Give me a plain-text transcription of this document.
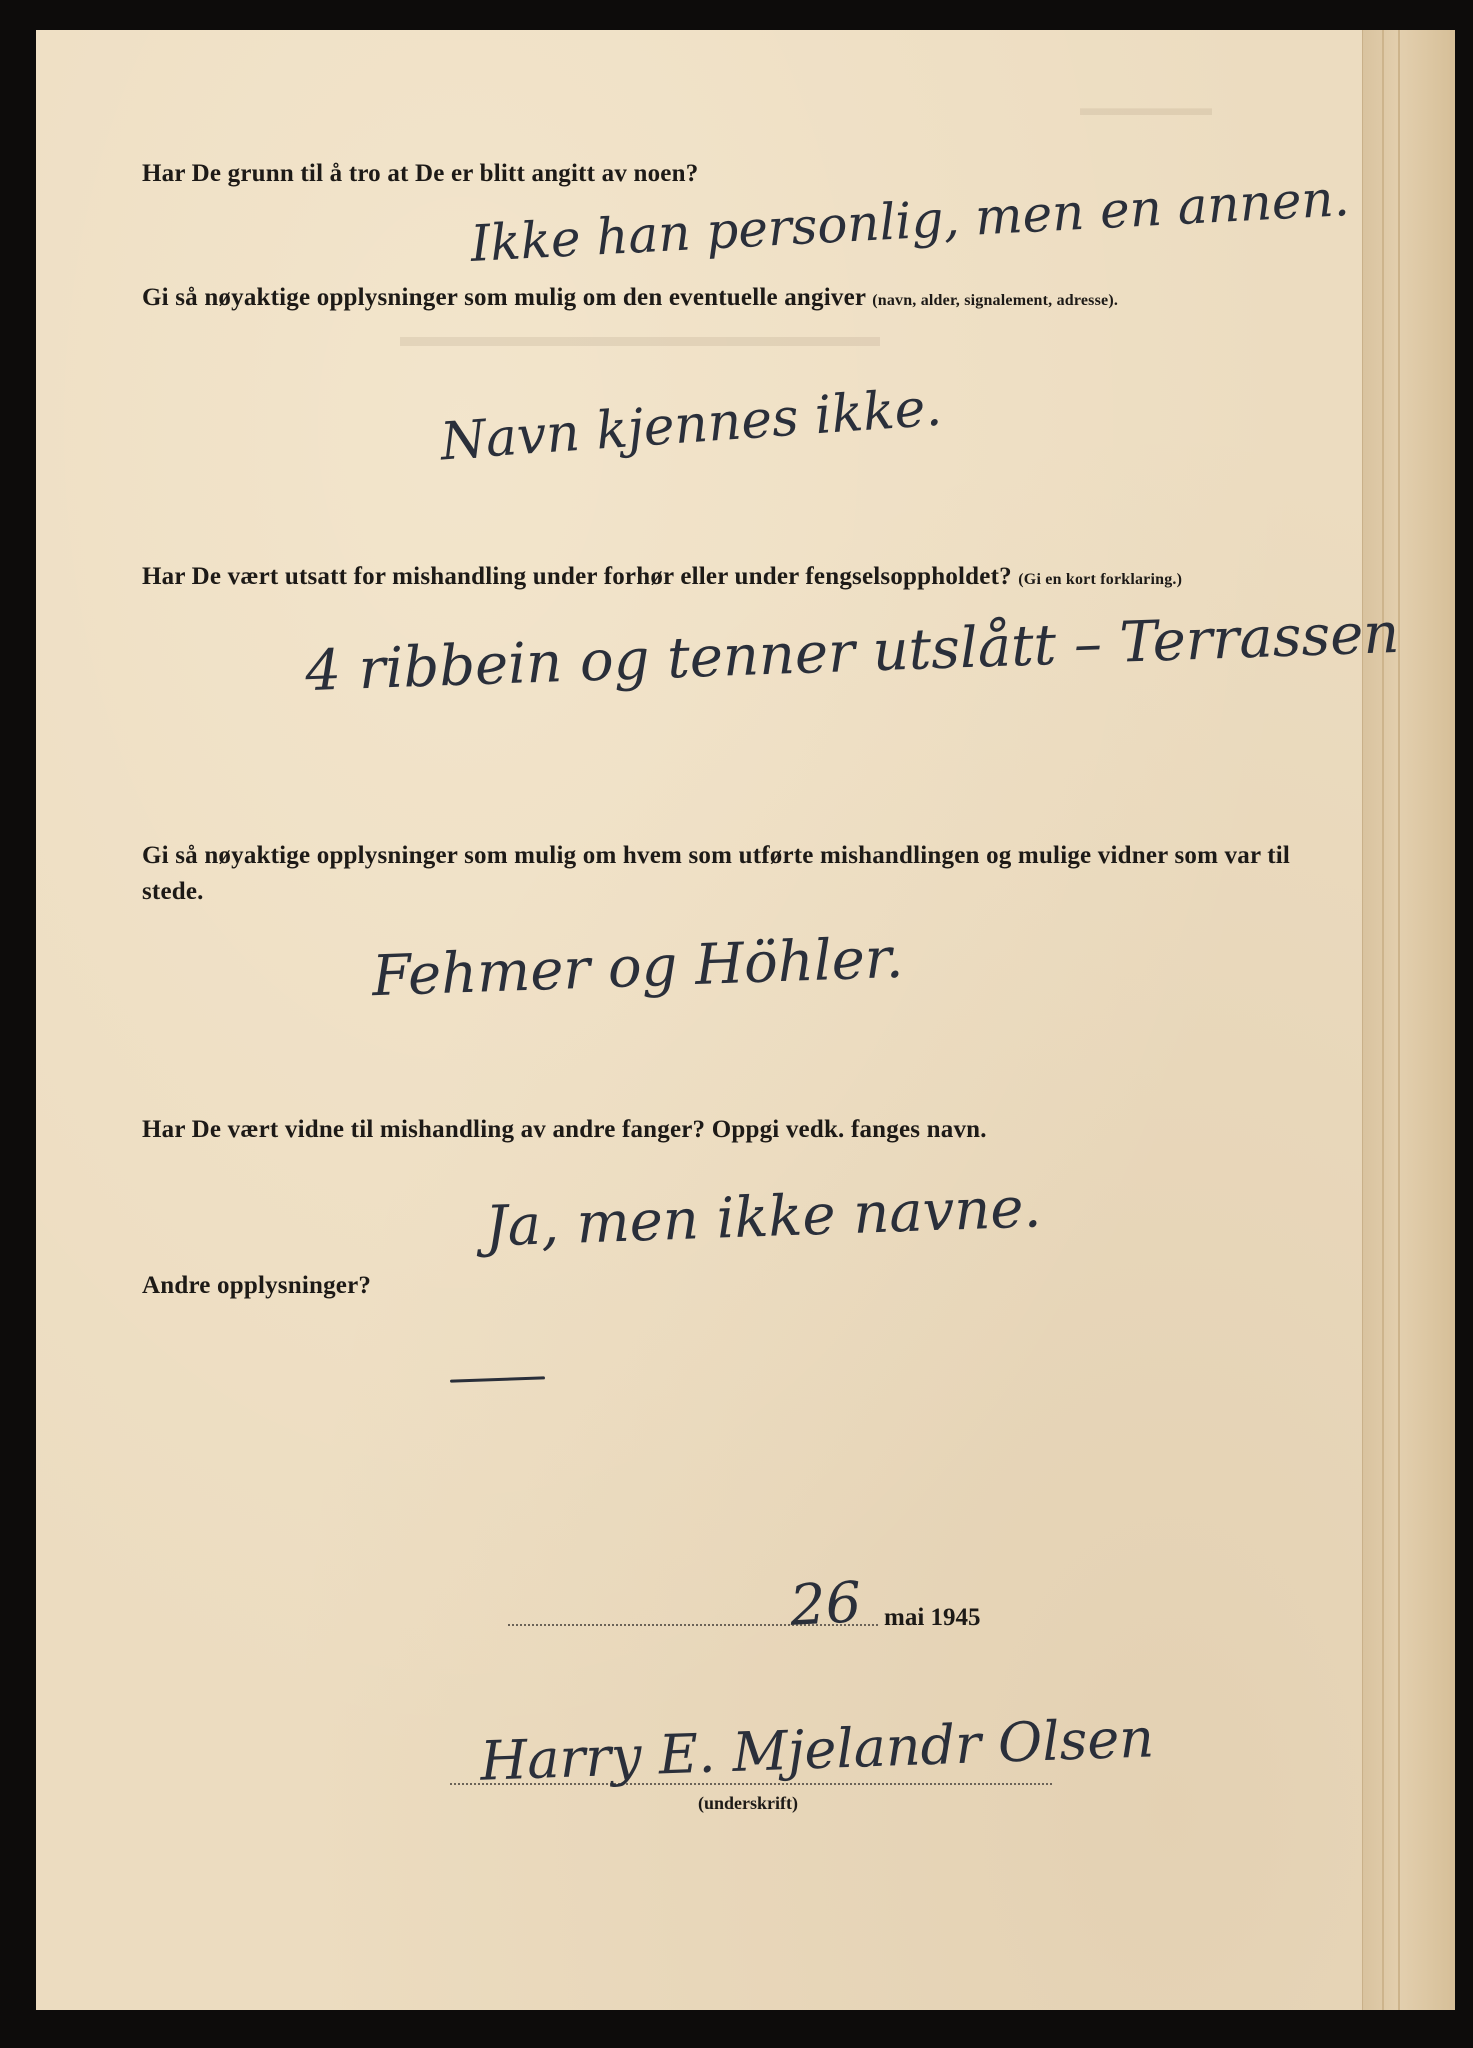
▬▬▬▬▬▬
▬▬▬▬▬▬▬▬▬▬▬▬▬▬▬▬
Har De grunn til å tro at De er blitt angitt av noen?
Ikke han personlig, men en annen.
Gi så nøyaktige opplysninger som mulig om den eventuelle angiver (navn, alder, signalement, adresse).
Navn kjennes ikke.
Har De vært utsatt for mishandling under forhør eller under fengselsoppholdet? (Gi en kort forklaring.)
4 ribbein og tenner utslått – Terrassen
Gi så nøyaktige opplysninger som mulig om hvem som utførte mishandlingen og mulige vidner som var til stede.
Fehmer og Höhler.
Har De vært vidne til mishandling av andre fanger? Oppgi vedk. fanges navn.
Ja, men ikke navne.
Andre opplysninger?
26 mai 1945
Harry E. Mjelandr Olsen
(underskrift)
